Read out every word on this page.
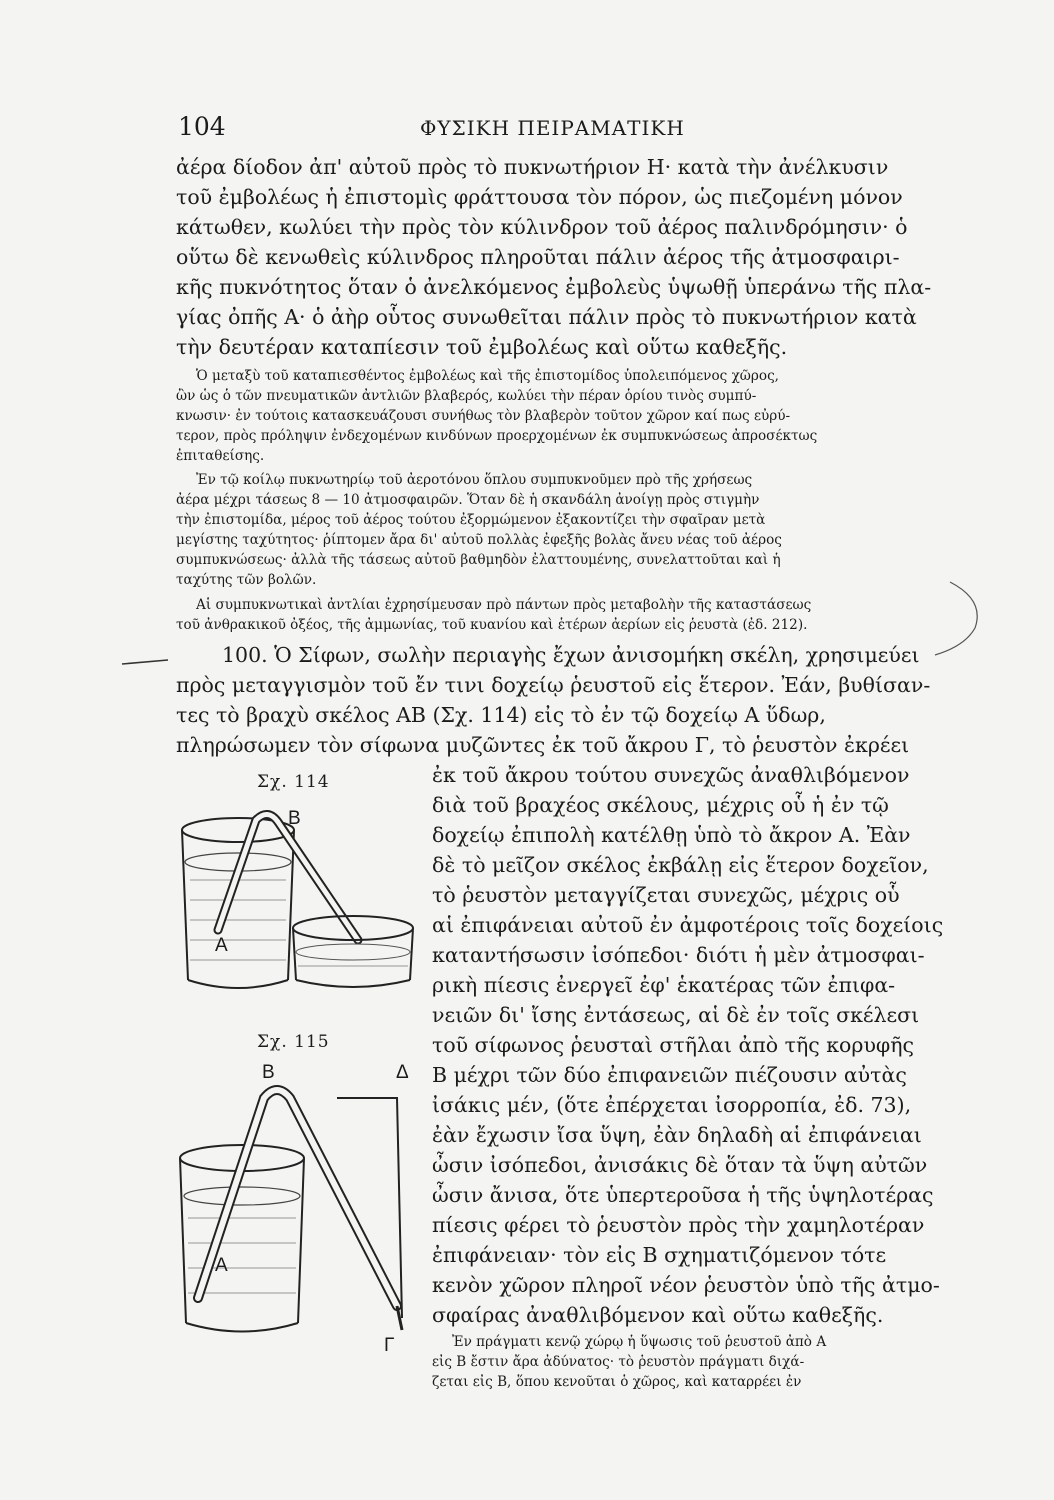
104	ΦΥΣΙΚΗ ΠΕΙΡΑΜΑΤΙΚΗ
ἀέρα δίοδον ἀπ' αὐτοῦ πρὸς τὸ πυκνωτήριον Η· κατὰ τὴν ἀνέλκυσιν
τοῦ ἐμβολέως ἡ ἐπιστομὶς φράττουσα τὸν πόρον, ὡς πιεζομένη μόνον
κάτωθεν, κωλύει τὴν πρὸς τὸν κύλινδρον τοῦ ἀέρος παλινδρόμησιν· ὁ
οὕτω δὲ κενωθεὶς κύλινδρος πληροῦται πάλιν ἀέρος τῆς ἀτμοσφαιρι-
κῆς πυκνότητος ὅταν ὁ ἀνελκόμενος ἐμβολεὺς ὑψωθῇ ὑπεράνω τῆς πλα-
γίας ὀπῆς Α· ὁ ἀὴρ οὗτος συνωθεῖται πάλιν πρὸς τὸ πυκνωτήριον κατὰ
τὴν δευτέραν καταπίεσιν τοῦ ἐμβολέως καὶ οὕτω καθεξῆς.
Ὁ μεταξὺ τοῦ καταπιεσθέντος ἐμβολέως καὶ τῆς ἐπιστομίδος ὑπολειπόμενος χῶρος,
ὢν ὡς ὁ τῶν πνευματικῶν ἀντλιῶν βλαβερός, κωλύει τὴν πέραν ὁρίου τινὸς συμπύ-
κνωσιν· ἐν τούτοις κατασκευάζουσι συνήθως τὸν βλαβερὸν τοῦτον χῶρον καί πως εὐρύ-
τερον, πρὸς πρόληψιν ἐνδεχομένων κινδύνων προερχομένων ἐκ συμπυκνώσεως ἀπροσέκτως
ἐπιταθείσης.
Ἐν τῷ κοίλῳ πυκνωτηρίῳ τοῦ ἀεροτόνου ὅπλου συμπυκνοῦμεν πρὸ τῆς χρήσεως
ἀέρα μέχρι τάσεως 8 — 10 ἀτμοσφαιρῶν. Ὅταν δὲ ἡ σκανδάλη ἀνοίγῃ πρὸς στιγμὴν
τὴν ἐπιστομίδα, μέρος τοῦ ἀέρος τούτου ἐξορμώμενον ἐξακοντίζει τὴν σφαῖραν μετὰ
μεγίστης ταχύτητος· ῥίπτομεν ἄρα δι' αὐτοῦ πολλὰς ἐφεξῆς βολὰς ἄνευ νέας τοῦ ἀέρος
συμπυκνώσεως· ἀλλὰ τῆς τάσεως αὐτοῦ βαθμηδὸν ἐλαττουμένης, συνελαττοῦται καὶ ἡ
ταχύτης τῶν βολῶν.
Αἱ συμπυκνωτικαὶ ἀντλίαι ἐχρησίμευσαν πρὸ πάντων πρὸς μεταβολὴν τῆς καταστάσεως
τοῦ ἀνθρακικοῦ ὀξέος, τῆς ἀμμωνίας, τοῦ κυανίου καὶ ἑτέρων ἀερίων εἰς ῥευστὰ (ἐδ. 212).
100. Ὁ Σίφων, σωλὴν περιαγὴς ἔχων ἀνισομήκη σκέλη, χρησιμεύει
πρὸς μεταγγισμὸν τοῦ ἔν τινι δοχείῳ ῥευστοῦ εἰς ἕτερον. Ἐάν, βυθίσαν-
τες τὸ βραχὺ σκέλος ΑΒ (Σχ. 114) εἰς τὸ ἐν τῷ δοχείῳ Α ὕδωρ,
πληρώσωμεν τὸν σίφωνα μυζῶντες ἐκ τοῦ ἄκρου Γ, τὸ ῥευστὸν ἐκρέει
ἐκ τοῦ ἄκρου τούτου συνεχῶς ἀναθλιβόμενον
διὰ τοῦ βραχέος σκέλους, μέχρις οὗ ἡ ἐν τῷ
δοχείῳ ἐπιπολὴ κατέλθῃ ὑπὸ τὸ ἄκρον Α. Ἐὰν
δὲ τὸ μεῖζον σκέλος ἐκβάλῃ εἰς ἕτερον δοχεῖον,
τὸ ῥευστὸν μεταγγίζεται συνεχῶς, μέχρις οὗ
αἱ ἐπιφάνειαι αὐτοῦ ἐν ἀμφοτέροις τοῖς δοχείοις
καταντήσωσιν ἰσόπεδοι· διότι ἡ μὲν ἀτμοσφαι-
ρικὴ πίεσις ἐνεργεῖ ἐφ' ἑκατέρας τῶν ἐπιφα-
νειῶν δι' ἴσης ἐντάσεως, αἱ δὲ ἐν τοῖς σκέλεσι
τοῦ σίφωνος ῥευσταὶ στῆλαι ἀπὸ τῆς κορυφῆς
Β μέχρι τῶν δύο ἐπιφανειῶν πιέζουσιν αὐτὰς
ἰσάκις μέν, (ὅτε ἐπέρχεται ἰσορροπία, ἐδ. 73),
ἐὰν ἔχωσιν ἴσα ὕψη, ἐὰν δηλαδὴ αἱ ἐπιφάνειαι
ὦσιν ἰσόπεδοι, ἀνισάκις δὲ ὅταν τὰ ὕψη αὐτῶν
ὦσιν ἄνισα, ὅτε ὑπερτεροῦσα ἡ τῆς ὑψηλοτέρας
πίεσις φέρει τὸ ῥευστὸν πρὸς τὴν χαμηλοτέραν
ἐπιφάνειαν· τὸν εἰς Β σχηματιζόμενον τότε
κενὸν χῶρον πληροῖ νέον ῥευστὸν ὑπὸ τῆς ἀτμο-
σφαίρας ἀναθλιβόμενον καὶ οὕτω καθεξῆς.
Ἐν πράγματι κενῷ χώρῳ ἡ ὕψωσις τοῦ ῥευστοῦ ἀπὸ Α
εἰς Β ἔστιν ἄρα ἀδύνατος· τὸ ῥευστὸν πράγματι διχά-
ζεται εἰς Β, ὅπου κενοῦται ὁ χῶρος, καὶ καταρρέει ἐν
Σχ. 114
Β
Α
Σχ. 115
Β	Δ
Α
Γ
